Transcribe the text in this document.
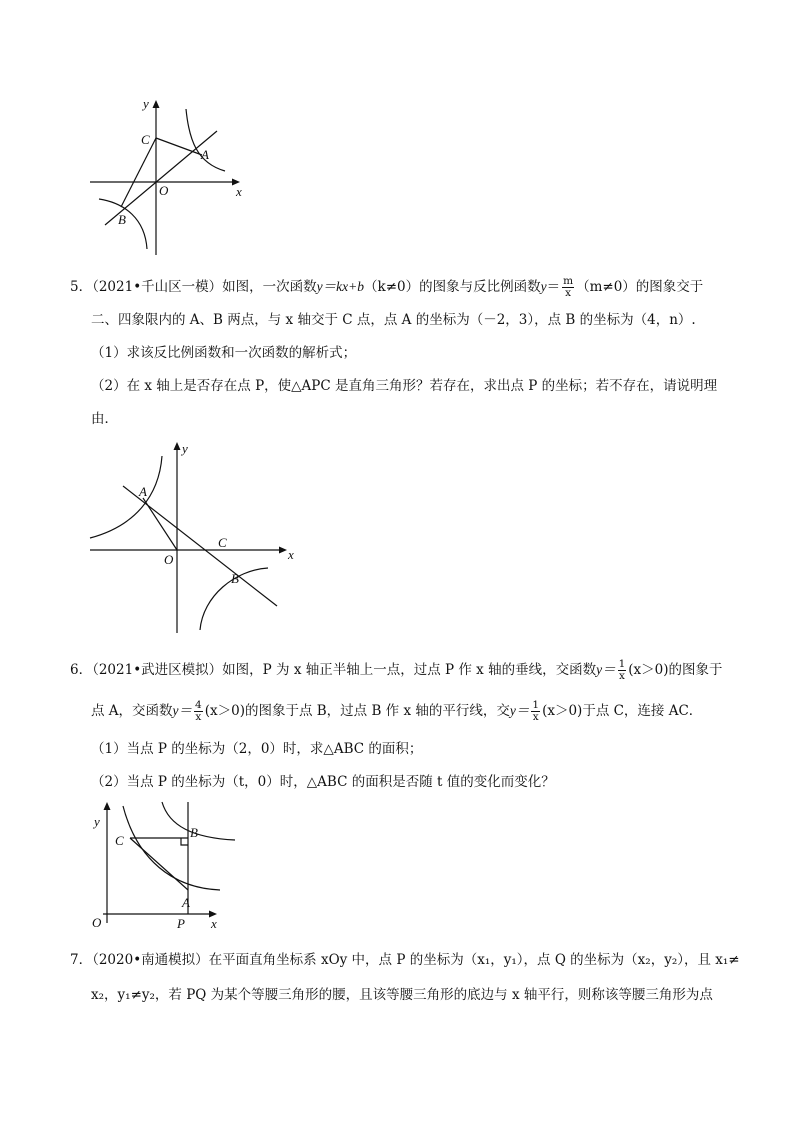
y
x
O
C
A
B
5．（2021•千山区一模）如图，一次函数y＝kx+b（k≠0）的图象与反比例函数$y= \frac{m}{x} (m\ne 0)$的图象交于
二、四象限内的 A、B 两点，与 x 轴交于 C 点，点 A 的坐标为（－2，3），点 B 的坐标为（4，n）.
（1）求该反比例函数和一次函数的解析式；
（2）在 x 轴上是否存在点 P，使△APC 是直角三角形？若存在，求出点 P 的坐标；若不存在，请说明理
由．
y
x
O
C
A
B
6．（2021•武进区模拟）如图，P 为 x 轴正半轴上一点，过点 P 作 x 轴的垂线，交函数$y= \frac{1}{x} (x>0)$的图象于
点 A，交函数$y= \frac{4}{x} (x>0)$的图象于点 B，过点 B 作 x 轴的平行线，交$y= \frac{1}{x} (x>0)$于点 C，连接 AC．
（1）当点 P 的坐标为（2，0）时，求△ABC 的面积；
（2）当点 P 的坐标为（t，0）时，△ABC 的面积是否随 t 值的变化而变化？
y
x
O
C
B
A
P
7．（2020•南通模拟）在平面直角坐标系 xOy 中，点 P 的坐标为（x₁，y₁），点 Q 的坐标为（x₂，y₂），且 x₁≠
x₂，y₁≠y₂，若 PQ 为某个等腰三角形的腰，且该等腰三角形的底边与 x 轴平行，则称该等腰三角形为点
